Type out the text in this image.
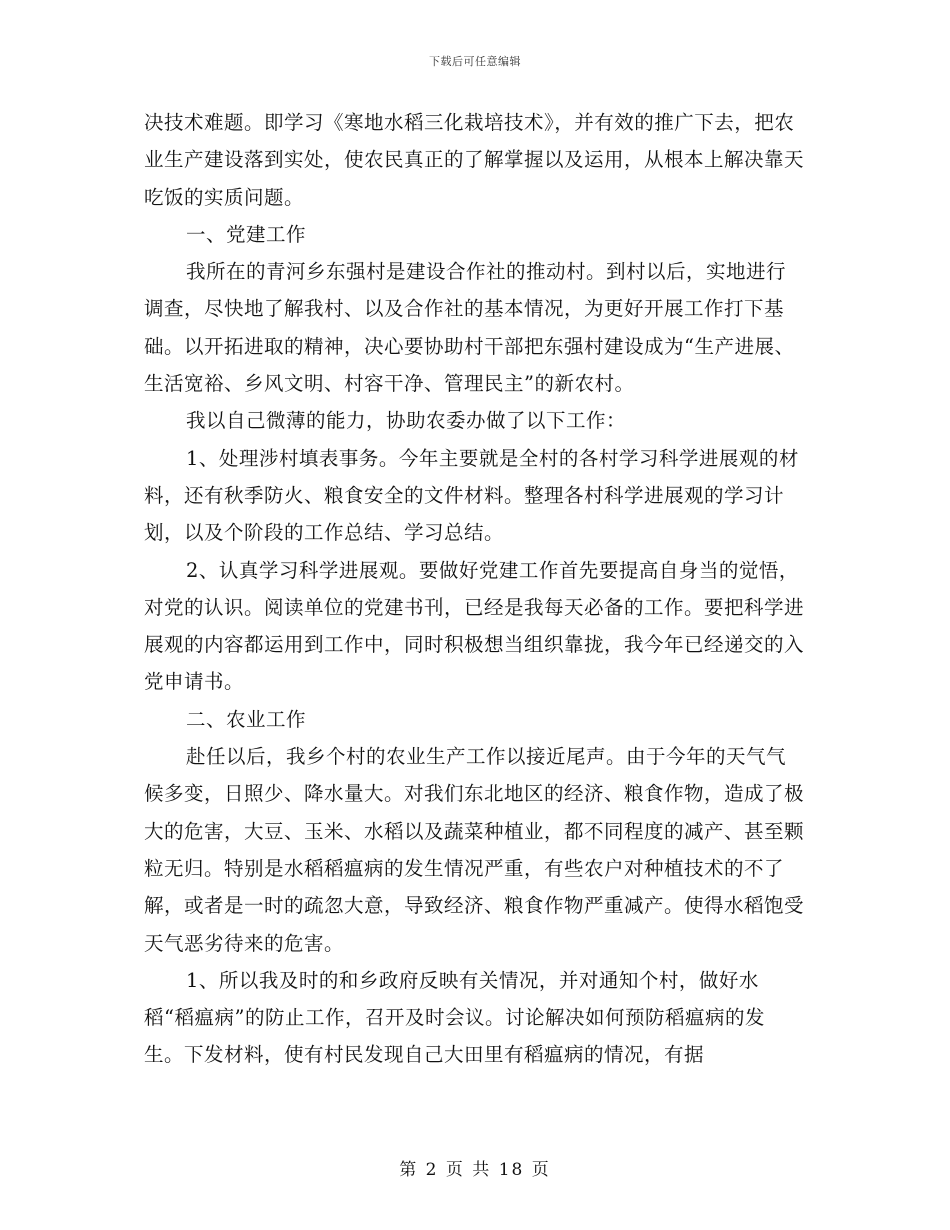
下载后可任意编辑

决技术难题。即学习《寒地水稻三化栽培技术》，并有效的推广下去，把农业生产建设落到实处，使农民真正的了解掌握以及运用，从根本上解决靠天吃饭的实质问题。

一、党建工作

我所在的青河乡东强村是建设合作社的推动村。到村以后，实地进行调查，尽快地了解我村、以及合作社的基本情况，为更好开展工作打下基础。以开拓进取的精神，决心要协助村干部把东强村建设成为“生产进展、生活宽裕、乡风文明、村容干净、管理民主”的新农村。

我以自己微薄的能力，协助农委办做了以下工作：

1、处理涉村填表事务。今年主要就是全村的各村学习科学进展观的材料，还有秋季防火、粮食安全的文件材料。整理各村科学进展观的学习计划，以及个阶段的工作总结、学习总结。

2、认真学习科学进展观。要做好党建工作首先要提高自身当的觉悟，对党的认识。阅读单位的党建书刊，已经是我每天必备的工作。要把科学进展观的内容都运用到工作中，同时积极想当组织靠拢，我今年已经递交的入党申请书。

二、农业工作

赴任以后，我乡个村的农业生产工作以接近尾声。由于今年的天气气候多变，日照少、降水量大。对我们东北地区的经济、粮食作物，造成了极大的危害，大豆、玉米、水稻以及蔬菜种植业，都不同程度的减产、甚至颗粒无归。特别是水稻稻瘟病的发生情况严重，有些农户对种植技术的不了解，或者是一时的疏忽大意，导致经济、粮食作物严重减产。使得水稻饱受天气恶劣待来的危害。

1、所以我及时的和乡政府反映有关情况，并对通知个村，做好水稻“稻瘟病”的防止工作，召开及时会议。讨论解决如何预防稻瘟病的发生。下发材料，使有村民发现自己大田里有稻瘟病的情况，有据

第 2 页 共 18 页
